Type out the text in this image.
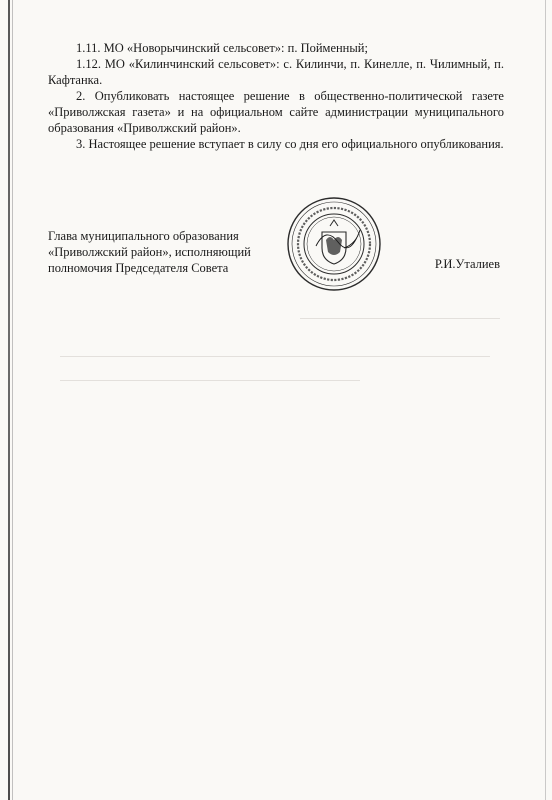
1.11. МО «Новорычинский сельсовет»: п. Пойменный;

1.12. МО «Килинчинский сельсовет»: с. Килинчи, п. Кинелле, п. Чилимный, п. Кафтанка.

2. Опубликовать настоящее решение в общественно-политической газете «Приволжская газета» и на официальном сайте администрации муниципального образования «Приволжский район».

3. Настоящее решение вступает в силу со дня его официального опубликования.

Глава муниципального образования
«Приволжский район», исполняющий
полномочия Председателя Совета	Р.И.Уталиев
